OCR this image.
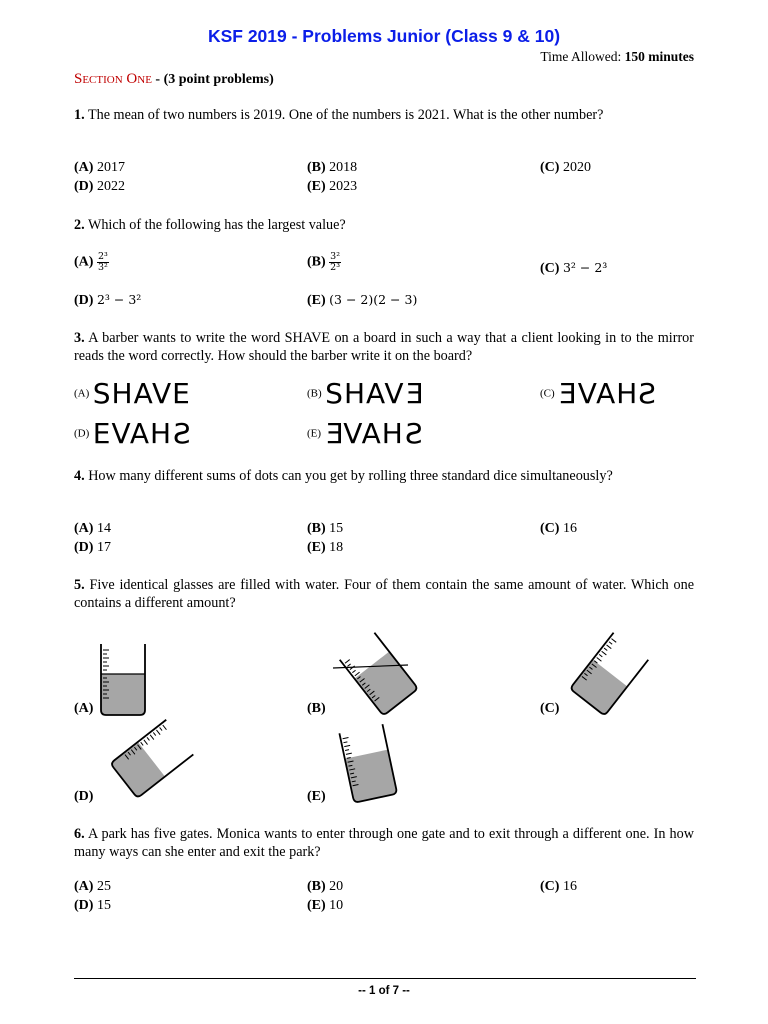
KSF 2019 - Problems Junior (Class 9 & 10)
Time Allowed: 150 minutes
Section One - (3 point problems)
1. The mean of two numbers is 2019. One of the numbers is 2021. What is the other number?
(A) 2017	(B) 2018	(C) 2020
(D) 2022	(E) 2023
2. Which of the following has the largest value?
$(A) \frac{\text{2³}}{\text{3²}}$	$(B) \frac{\text{3²}}{\text{2³}}$	(C) 3² − 2³
(D) 2³ − 3²	(E) (3 − 2)(2 − 3)
3. A barber wants to write the word SHAVE on a board in such a way that a client looking in to the mirror reads the word correctly. How should the barber write it on the board?
(A) SHAVE	(B) SHAVE	(C) SHAVE
(D) EVAHS	(E) EVAHS
4. How many different sums of dots can you get by rolling three standard dice simultaneously?
(A) 14	(B) 15	(C) 16
(D) 17	(E) 18
5. Five identical glasses are filled with water. Four of them contain the same amount of water. Which one contains a different amount?
(A)	(B)	(C)
(D)	(E)
6. A park has five gates. Monica wants to enter through one gate and to exit through a different one. In how many ways can she enter and exit the park?
(A) 25	(B) 20	(C) 16
(D) 15	(E) 10
-- 1 of 7 --
